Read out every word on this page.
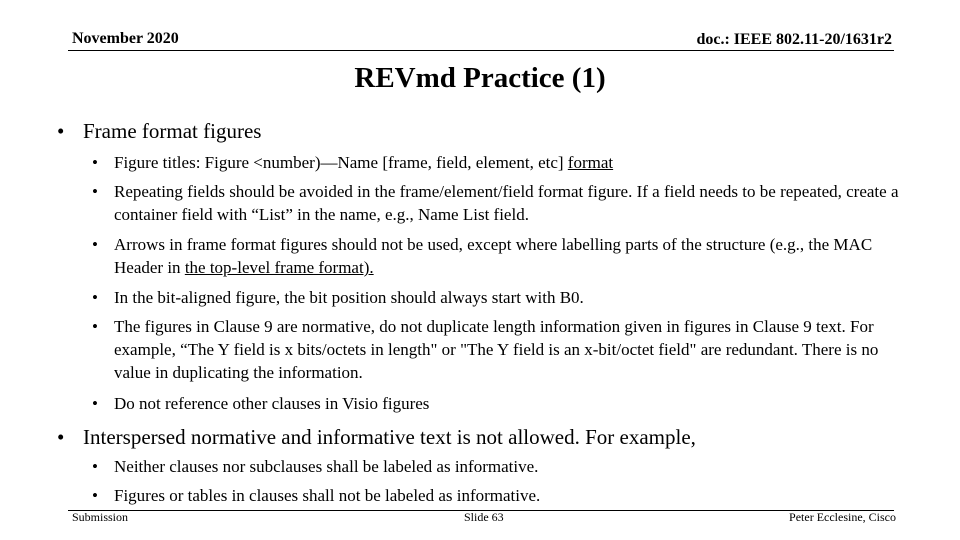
November 2020	doc.: IEEE 802.11-20/1631r2
REVmd Practice (1)
• Frame format figures
• Figure titles: Figure <number)—Name [frame, field, element, etc] format
• Repeating fields should be avoided in the frame/element/field format figure. If a field needs to be repeated, create a container field with “List” in the name, e.g., Name List field.
• Arrows in frame format figures should not be used, except where labelling parts of the structure (e.g., the MAC Header in the top-level frame format).
• In the bit-aligned figure, the bit position should always start with B0.
• The figures in Clause 9 are normative, do not duplicate length information given in figures in Clause 9 text. For example, “The Y field is x bits/octets in length" or "The Y field is an x-bit/octet field" are redundant. There is no value in duplicating the information.
• Do not reference other clauses in Visio figures
• Interspersed normative and informative text is not allowed. For example,
• Neither clauses nor subclauses shall be labeled as informative.
• Figures or tables in clauses shall not be labeled as informative.
Submission	Slide 63	Peter Ecclesine, Cisco
